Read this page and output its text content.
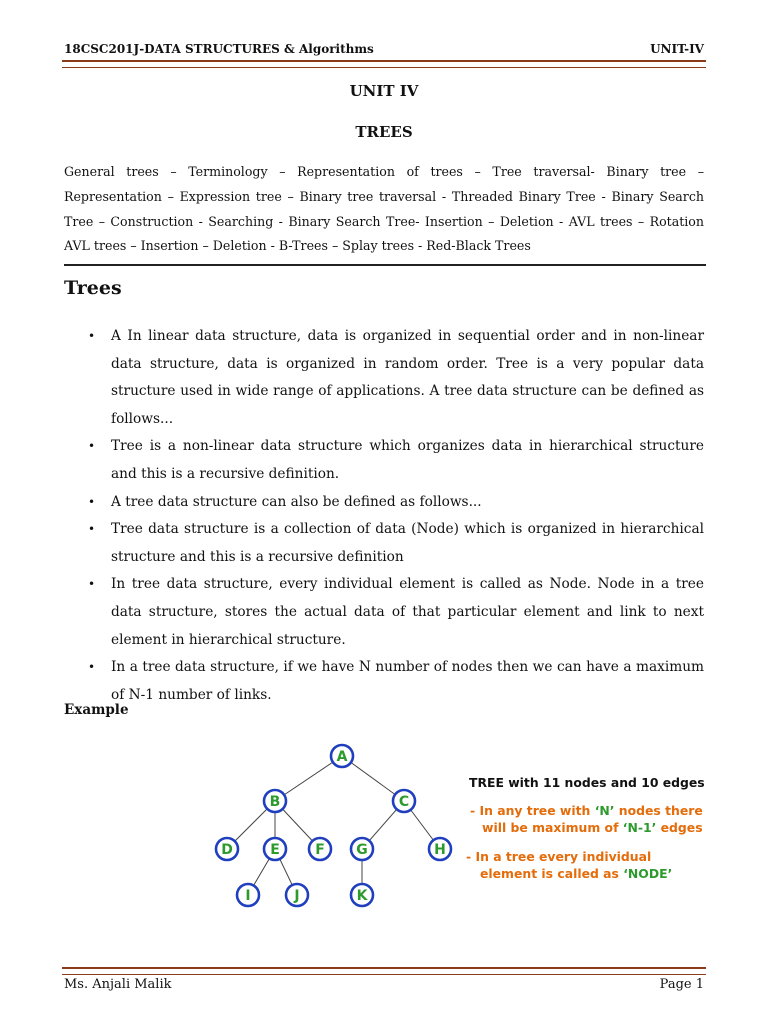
18CSC201J-DATA STRUCTURES & Algorithms	UNIT-IV
UNIT IV
TREES
General trees – Terminology – Representation of trees – Tree traversal- Binary tree – Representation – Expression tree – Binary tree traversal - Threaded Binary Tree - Binary Search Tree – Construction - Searching - Binary Search Tree- Insertion – Deletion - AVL trees – Rotation AVL trees – Insertion – Deletion - B-Trees – Splay trees - Red-Black Trees
Trees
• A In linear data structure, data is organized in sequential order and in non-linear data structure, data is organized in random order. Tree is a very popular data structure used in wide range of applications. A tree data structure can be defined as follows...
• Tree is a non-linear data structure which organizes data in hierarchical structure and this is a recursive definition.
• A tree data structure can also be defined as follows...
• Tree data structure is a collection of data (Node) which is organized in hierarchical structure and this is a recursive definition
• In tree data structure, every individual element is called as Node. Node in a tree data structure, stores the actual data of that particular element and link to next element in hierarchical structure.
• In a tree data structure, if we have N number of nodes then we can have a maximum of N-1 number of links.
Example
A
B	C
D	E	F G	H
I	J	K
TREE with 11 nodes and 10 edges
- In any tree with ‘N’ nodes there
will be maximum of ‘N-1’ edges
- In a tree every individual
element is called as ‘NODE’
Ms. Anjali Malik	Page 1
